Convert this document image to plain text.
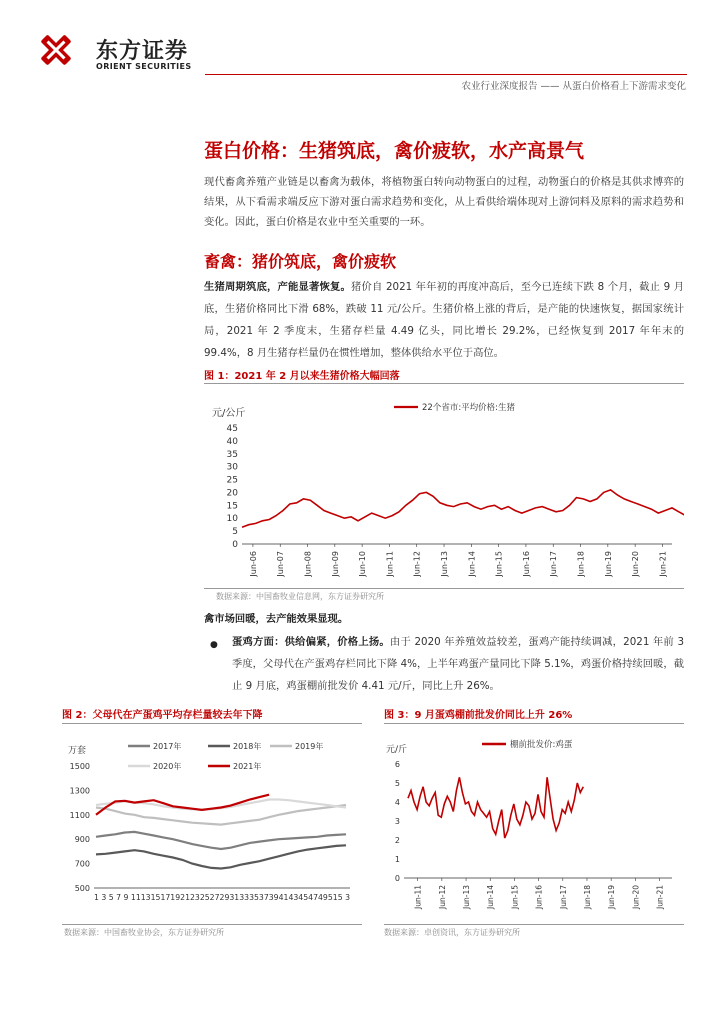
东方证券
ORIENT SECURITIES
农业行业深度报告 —— 从蛋白价格看上下游需求变化
蛋白价格：生猪筑底，禽价疲软，水产高景气
现代畜禽养殖产业链是以畜禽为载体，将植物蛋白转向动物蛋白的过程，动物蛋白的价格是其供求博弈的结果，从下看需求端反应下游对蛋白需求趋势和变化，从上看供给端体现对上游饲料及原料的需求趋势和变化。因此，蛋白价格是农业中至关重要的一环。
畜禽：猪价筑底，禽价疲软
生猪周期筑底，产能显著恢复。猪价自 2021 年年初的再度冲高后，至今已连续下跌 8 个月，截止 9 月底，生猪价格同比下滑 68%，跌破 11 元/公斤。生猪价格上涨的背后，是产能的快速恢复，据国家统计局，2021 年 2 季度末，生猪存栏量 4.49 亿头，同比增长 29.2%，已经恢复到 2017 年年末的 99.4%，8 月生猪存栏量仍在惯性增加，整体供给水平位于高位。
图 1：2021 年 2 月以来生猪价格大幅回落
元/公斤	22个省市:平均价格:生猪
0
5
10
15
20
25
30
35
40
45
Jun-06 Jun-07 Jun-08 Jun-09 Jun-10 Jun-11 Jun-12 Jun-13 Jun-14 Jun-15 Jun-16 Jun-17 Jun-18 Jun-19 Jun-20 Jun-21
数据来源：中国畜牧业信息网，东方证券研究所
禽市场回暖，去产能效果显现。
● 蛋鸡方面：供给偏紧，价格上扬。由于 2020 年养殖效益较差，蛋鸡产能持续调减，2021 年前 3 季度，父母代在产蛋鸡存栏同比下降 4%，上半年鸡蛋产量同比下降 5.1%，鸡蛋价格持续回暖，截止 9 月底，鸡蛋棚前批发价 4.41 元/斤，同比上升 26%。
图 2：父母代在产蛋鸡平均存栏量较去年下降
万套	2017年	2018年	2019年
2020年	2021年
500
700
900
1100
1300
1500
1 3 5 7 9 1113151719212325272931333537394143454749515 3
数据来源：中国畜牧业协会，东方证券研究所
图 3：9 月蛋鸡棚前批发价同比上升 26%
元/斤	棚前批发价:鸡蛋
0
1
2
3
4
5
6
Jun-11 Jun-12 Jun-13 Jun-14 Jun-15 Jun-16 Jun-17 Jun-18 Jun-19 Jun-20 Jun-21
数据来源：卓创资讯，东方证券研究所
